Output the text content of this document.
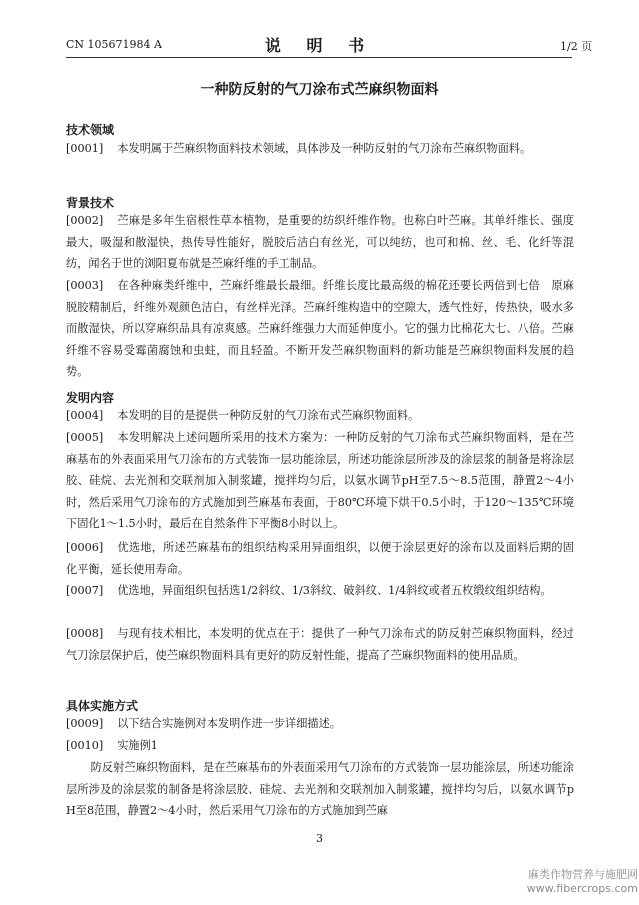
CN 105671984 A	说 明 书	1/2 页
一种防反射的气刀涂布式苎麻织物面料
技术领域
[0001] 本发明属于苎麻织物面料技术领域，具体涉及一种防反射的气刀涂布苎麻织物面料。
背景技术
[0002] 苎麻是多年生宿根性草本植物，是重要的纺织纤维作物。也称白叶苎麻。其单纤维长、强度最大，吸湿和散湿快，热传导性能好，脱胶后洁白有丝光，可以纯纺，也可和棉、丝、毛、化纤等混纺，闻名于世的浏阳夏布就是苎麻纤维的手工制品。
[0003] 在各种麻类纤维中，苎麻纤维最长最细。纤维长度比最高级的棉花还要长两倍到七倍　原麻脱胶精制后，纤维外观颜色洁白，有丝样光泽。苎麻纤维构造中的空隙大，透气性好，传热快，吸水多而散湿快，所以穿麻织品具有凉爽感。苎麻纤维强力大而延伸度小。它的强力比棉花大七、八倍。苎麻纤维不容易受霉菌腐蚀和虫蛀，而且轻盈。不断开发苎麻织物面料的新功能是苎麻织物面料发展的趋势。
发明内容
[0004] 本发明的目的是提供一种防反射的气刀涂布式苎麻织物面料。
[0005] 本发明解决上述问题所采用的技术方案为：一种防反射的气刀涂布式苎麻织物面料，是在苎麻基布的外表面采用气刀涂布的方式装饰一层功能涂层，所述功能涂层所涉及的涂层浆的制备是将涂层胶、硅烷、去光剂和交联剂加入制浆罐，搅拌均匀后，以氨水调节pH至7.5～8.5范围，静置2～4小时，然后采用气刀涂布的方式施加到苎麻基布表面，于80℃环境下烘干0.5小时，于120～135℃环境下固化1～1.5小时，最后在自然条件下平衡8小时以上。
[0006] 优选地，所述苎麻基布的组织结构采用异面组织，以便于涂层更好的涂布以及面料后期的固化平衡，延长使用寿命。
[0007] 优选地，异面组织包括选1/2斜纹、1/3斜纹、破斜纹、1/4斜纹或者五枚缎纹组织结构。
[0008] 与现有技术相比，本发明的优点在于：提供了一种气刀涂布式的防反射苎麻织物面料，经过气刀涂层保护后，使苎麻织物面料具有更好的防反射性能，提高了苎麻织物面料的使用品质。
具体实施方式
[0009] 以下结合实施例对本发明作进一步详细描述。
[0010] 实施例1
防反射苎麻织物面料，是在苎麻基布的外表面采用气刀涂布的方式装饰一层功能涂层，所述功能涂层所涉及的涂层浆的制备是将涂层胶、硅烷、去光剂和交联剂加入制浆罐，搅拌均匀后，以氨水调节pH至8范围，静置2～4小时，然后采用气刀涂布的方式施加到苎麻
3
麻类作物营养与施肥网 www.fibercrops.com
